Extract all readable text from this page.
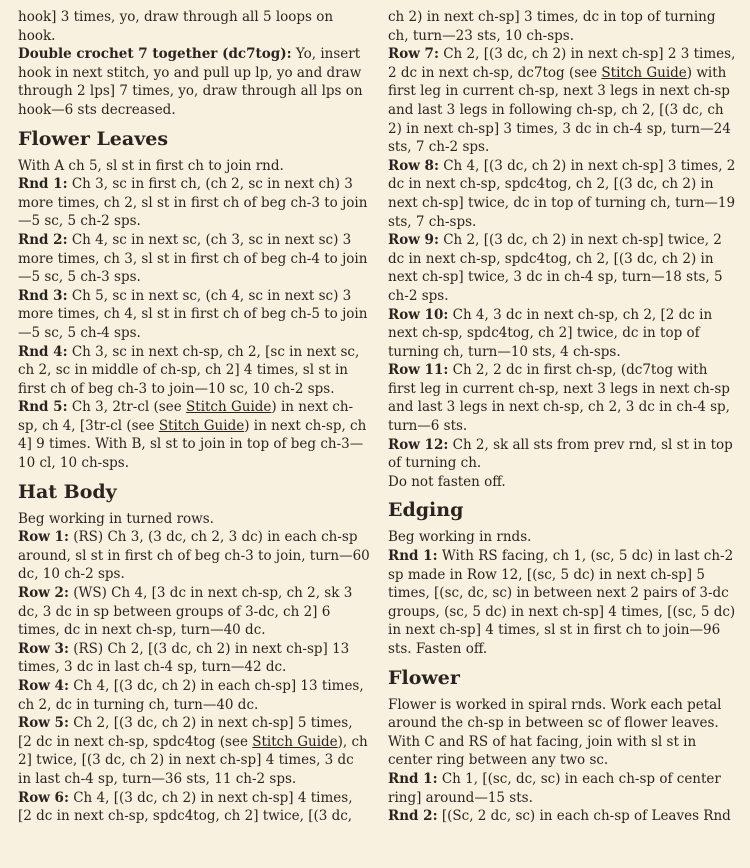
hook] 3 times, yo, draw through all 5 loops on hook.

Double crochet 7 together (dc7tog): Yo, insert hook in next stitch, yo and pull up lp, yo and draw through 2 lps] 7 times, yo, draw through all lps on hook—6 sts decreased.

Flower Leaves

With A ch 5, sl st in first ch to join rnd.

Rnd 1: Ch 3, sc in first ch, (ch 2, sc in next ch) 3 more times, ch 2, sl st in first ch of beg ch-3 to join—5 sc, 5 ch-2 sps.

Rnd 2: Ch 4, sc in next sc, (ch 3, sc in next sc) 3 more times, ch 3, sl st in first ch of beg ch-4 to join—5 sc, 5 ch-3 sps.

Rnd 3: Ch 5, sc in next sc, (ch 4, sc in next sc) 3 more times, ch 4, sl st in first ch of beg ch-5 to join—5 sc, 5 ch-4 sps.

Rnd 4: Ch 3, sc in next ch-sp, ch 2, [sc in next sc, ch 2, sc in middle of ch-sp, ch 2] 4 times, sl st in first ch of beg ch-3 to join—10 sc, 10 ch-2 sps.

Rnd 5: Ch 3, 2tr-cl (see Stitch Guide) in next ch-sp, ch 4, [3tr-cl (see Stitch Guide) in next ch-sp, ch 4] 9 times. With B, sl st to join in top of beg ch-3—10 cl, 10 ch-sps.

Hat Body

Beg working in turned rows.

Row 1: (RS) Ch 3, (3 dc, ch 2, 3 dc) in each ch-sp around, sl st in first ch of beg ch-3 to join, turn—60 dc, 10 ch-2 sps.

Row 2: (WS) Ch 4, [3 dc in next ch-sp, ch 2, sk 3 dc, 3 dc in sp between groups of 3-dc, ch 2] 6 times, dc in next ch-sp, turn—40 dc.

Row 3: (RS) Ch 2, [(3 dc, ch 2) in next ch-sp] 13 times, 3 dc in last ch-4 sp, turn—42 dc.

Row 4: Ch 4, [(3 dc, ch 2) in each ch-sp] 13 times, ch 2, dc in turning ch, turn—40 dc.

Row 5: Ch 2, [(3 dc, ch 2) in next ch-sp] 5 times, [2 dc in next ch-sp, spdc4tog (see Stitch Guide), ch 2] twice, [(3 dc, ch 2) in next ch-sp] 4 times, 3 dc in last ch-4 sp, turn—36 sts, 11 ch-2 sps.

Row 6: Ch 4, [(3 dc, ch 2) in next ch-sp] 4 times, [2 dc in next ch-sp, spdc4tog, ch 2] twice, [(3 dc,

ch 2) in next ch-sp] 3 times, dc in top of turning ch, turn—23 sts, 10 ch-sps.

Row 7: Ch 2, [(3 dc, ch 2) in next ch-sp] 2 3 times, 2 dc in next ch-sp, dc7tog (see Stitch Guide) with first leg in current ch-sp, next 3 legs in next ch-sp and last 3 legs in following ch-sp, ch 2, [(3 dc, ch 2) in next ch-sp] 3 times, 3 dc in ch-4 sp, turn—24 sts, 7 ch-2 sps.

Row 8: Ch 4, [(3 dc, ch 2) in next ch-sp] 3 times, 2 dc in next ch-sp, spdc4tog, ch 2, [(3 dc, ch 2) in next ch-sp] twice, dc in top of turning ch, turn—19 sts, 7 ch-sps.

Row 9: Ch 2, [(3 dc, ch 2) in next ch-sp] twice, 2 dc in next ch-sp, spdc4tog, ch 2, [(3 dc, ch 2) in next ch-sp] twice, 3 dc in ch-4 sp, turn—18 sts, 5 ch-2 sps.

Row 10: Ch 4, 3 dc in next ch-sp, ch 2, [2 dc in next ch-sp, spdc4tog, ch 2] twice, dc in top of turning ch, turn—10 sts, 4 ch-sps.

Row 11: Ch 2, 2 dc in first ch-sp, (dc7tog with first leg in current ch-sp, next 3 legs in next ch-sp and last 3 legs in next ch-sp, ch 2, 3 dc in ch-4 sp, turn—6 sts.

Row 12: Ch 2, sk all sts from prev rnd, sl st in top of turning ch.

Do not fasten off.

Edging

Beg working in rnds.

Rnd 1: With RS facing, ch 1, (sc, 5 dc) in last ch-2 sp made in Row 12, [(sc, 5 dc) in next ch-sp] 5 times, [(sc, dc, sc) in between next 2 pairs of 3-dc groups, (sc, 5 dc) in next ch-sp] 4 times, [(sc, 5 dc) in next ch-sp] 4 times, sl st in first ch to join—96 sts. Fasten off.

Flower

Flower is worked in spiral rnds. Work each petal around the ch-sp in between sc of flower leaves. With C and RS of hat facing, join with sl st in center ring between any two sc.

Rnd 1: Ch 1, [(sc, dc, sc) in each ch-sp of center ring] around—15 sts.

Rnd 2: [(Sc, 2 dc, sc) in each ch-sp of Leaves Rnd
